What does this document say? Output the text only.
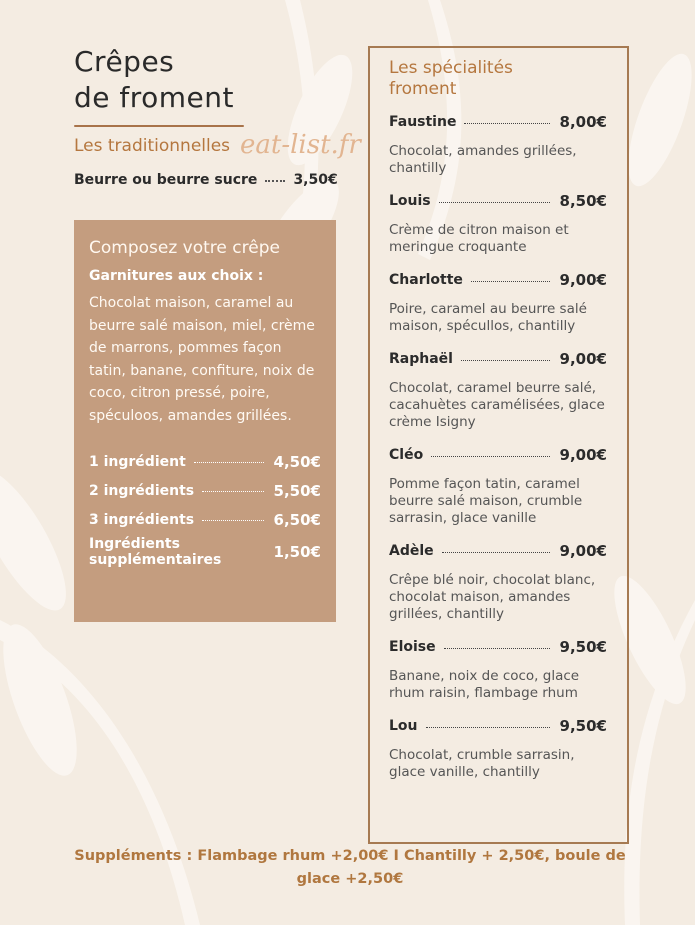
Crêpes
de froment
Les traditionnelles eat-list.fr
Beurre ou beurre sucre	3,50€
Composez votre crêpe
Garnitures aux choix :

Chocolat maison, caramel au beurre salé maison, miel, crème de marrons, pommes façon tatin, banane, confiture, noix de coco, citron pressé, poire, spéculoos, amandes grillées.

1 ingrédient	4,50€
2 ingrédients	5,50€
3 ingrédients	6,50€
Ingrédients supplémentaires	1,50€
Les spécialités
froment
Faustine	8,00€
Chocolat, amandes grillées, chantilly
Louis	8,50€
Crème de citron maison et meringue croquante
Charlotte	9,00€
Poire, caramel au beurre salé maison, spécullos, chantilly
Raphaël	9,00€
Chocolat, caramel beurre salé, cacahuètes caramélisées, glace crème Isigny
Cléo	9,00€
Pomme façon tatin, caramel beurre salé maison, crumble sarrasin, glace vanille
Adèle	9,00€
Crêpe blé noir, chocolat blanc, chocolat maison, amandes grillées, chantilly
Eloise	9,50€
Banane, noix de coco, glace rhum raisin, flambage rhum
Lou	9,50€
Chocolat, crumble sarrasin, glace vanille, chantilly

Suppléments : Flambage rhum +2,00€ I Chantilly + 2,50€, boule de glace +2,50€
